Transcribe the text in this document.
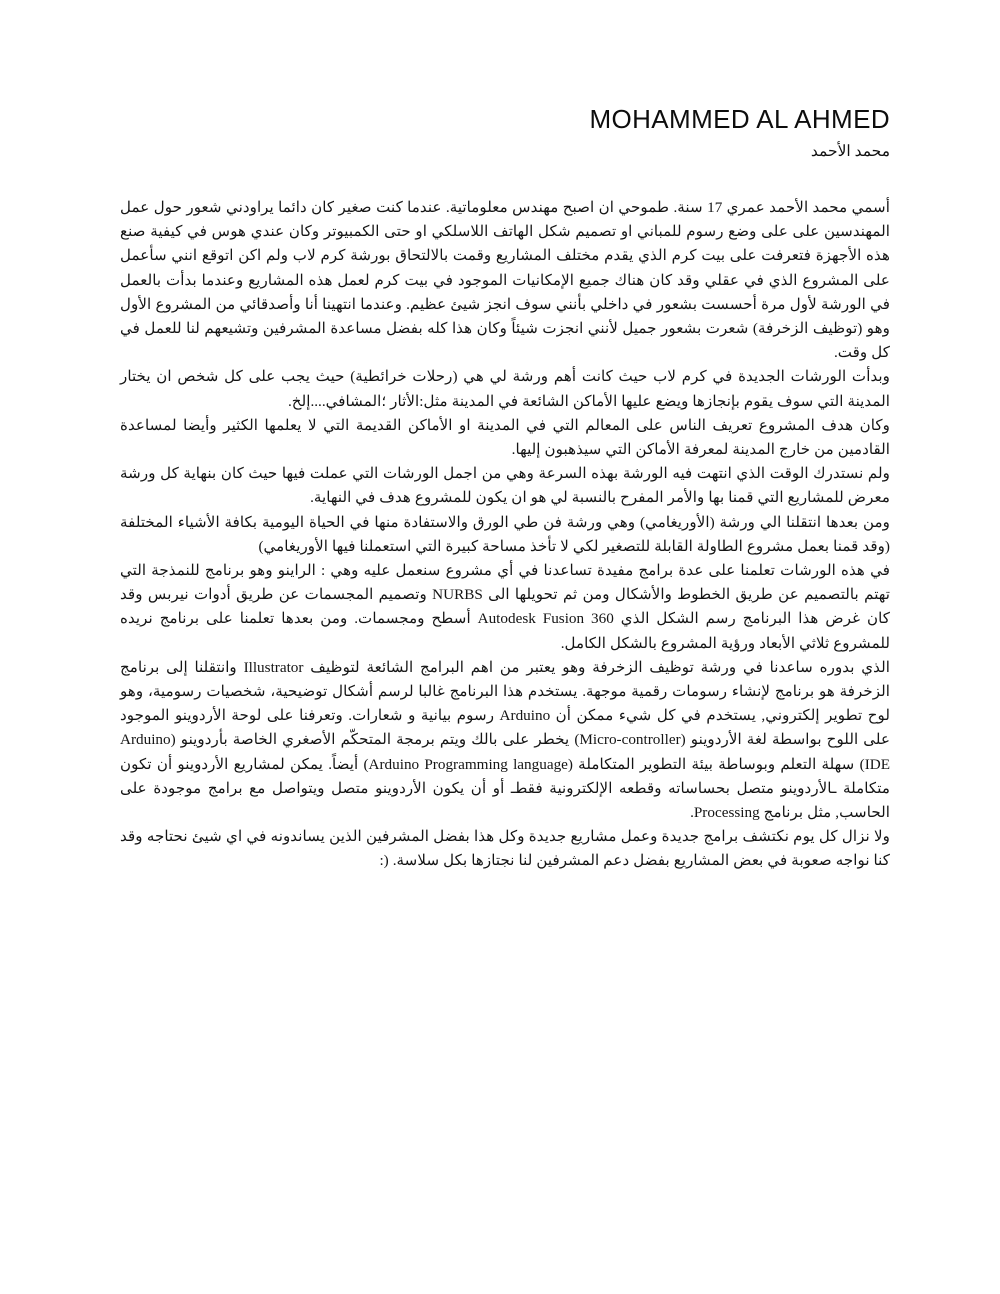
MOHAMMED AL AHMED
محمد الأحمد

أسمي محمد الأحمد عمري 17 سنة. طموحي ان اصبح مهندس معلوماتية. عندما كنت صغير كان دائما يراودني شعور حول عمل المهندسين على على وضع رسوم للمباني او تصميم شكل الهاتف اللاسلكي او حتى الكمبيوتر وكان عندي هوس في كيفية صنع هذه الأجهزة فتعرفت على بيت كرم الذي يقدم مختلف المشاريع وقمت بالالتحاق بورشة كرم لاب ولم اكن اتوقع انني سأعمل على المشروع الذي في عقلي وقد كان هناك جميع الإمكانيات الموجود في بيت كرم لعمل هذه المشاريع وعندما بدأت بالعمل في الورشة لأول مرة أحسست بشعور في داخلي بأنني سوف انجز شيئ عظيم. وعندما انتهينا أنا وأصدقائي من المشروع الأول وهو (توظيف الزخرفة) شعرت بشعور جميل لأنني انجزت شيئاً وكان هذا كله بفضل مساعدة المشرفين وتشيعهم لنا للعمل في كل وقت.

وبدأت الورشات الجديدة في كرم لاب حيث كانت أهم ورشة لي هي (رحلات خرائطية) حيث يجب على كل شخص ان يختار المدينة التي سوف يقوم بإنجازها ويضع عليها الأماكن الشائعة في المدينة مثل:الأثار ؛المشافي....إلخ.

وكان هدف المشروع تعريف الناس على المعالم التي في المدينة او الأماكن القديمة التي لا يعلمها الكثير وأيضا لمساعدة القادمين من خارج المدينة لمعرفة الأماكن التي سيذهبون إليها.

ولم نستدرك الوقت الذي انتهت فيه الورشة بهذه السرعة وهي من اجمل الورشات التي عملت فيها حيث كان بنهاية كل ورشة معرض للمشاريع التي قمنا بها والأمر المفرح بالنسبة لي هو ان يكون للمشروع هدف في النهاية.

ومن بعدها انتقلنا الي ورشة (الأوريغامي) وهي ورشة فن طي الورق والاستفادة منها في الحياة اليومية بكافة الأشياء المختلفة (وقد قمنا بعمل مشروع الطاولة القابلة للتصغير لكي لا تأخذ مساحة كبيرة التي استعملنا فيها الأوريغامي)

في هذه الورشات تعلمنا على عدة برامج مفيدة تساعدنا في أي مشروع سنعمل عليه وهي : الراينو وهو برنامج للنمذجة التي تهتم بالتصميم عن طريق الخطوط والأشكال ومن ثم تحويلها الى NURBS وتصميم المجسمات عن طريق أدوات نيربس وقد كان غرض هذا البرنامج رسم الشكل الذي Autodesk Fusion 360 أسطح ومجسمات. ومن بعدها تعلمنا على برنامج نريده للمشروع ثلاثي الأبعاد ورؤية المشروع بالشكل الكامل.

الذي بدوره ساعدنا في ورشة توظيف الزخرفة وهو يعتبر من اهم البرامج الشائعة لتوظيف Illustrator وانتقلنا إلى برنامج الزخرفة هو برنامج لإنشاء رسومات رقمية موجهة. يستخدم هذا البرنامج غالبا لرسم أشكال توضيحية، شخصيات رسومية، وهو لوح تطوير إلكتروني, يستخدم في كل شيء ممكن أن Arduino رسوم بيانية و شعارات. وتعرفنا على لوحة الأردوينو الموجود على اللوح بواسطة لغة الأردوينو (Micro-controller) يخطر على بالك ويتم برمجة المتحكّم الأصغري الخاصة بأردوينو (Arduino IDE) سهلة التعلم وبوساطة بيئة التطوير المتكاملة (Arduino Programming language) أيضاً. يمكن لمشاريع الأردوينو أن تكون متكاملة ـالأردوينو متصل بحساساته وقطعه الإلكترونية فقطـ أو أن يكون الأردوينو متصل ويتواصل مع برامج موجودة على الحاسب, مثل برنامج Processing.

ولا نزال كل يوم نكتشف برامج جديدة وعمل مشاريع جديدة وكل هذا بفضل المشرفين الذين يساندونه في اي شيئ نحتاجه وقد كنا نواجه صعوبة في بعض المشاريع بفضل دعم المشرفين لنا نجتازها بكل سلاسة. (:
